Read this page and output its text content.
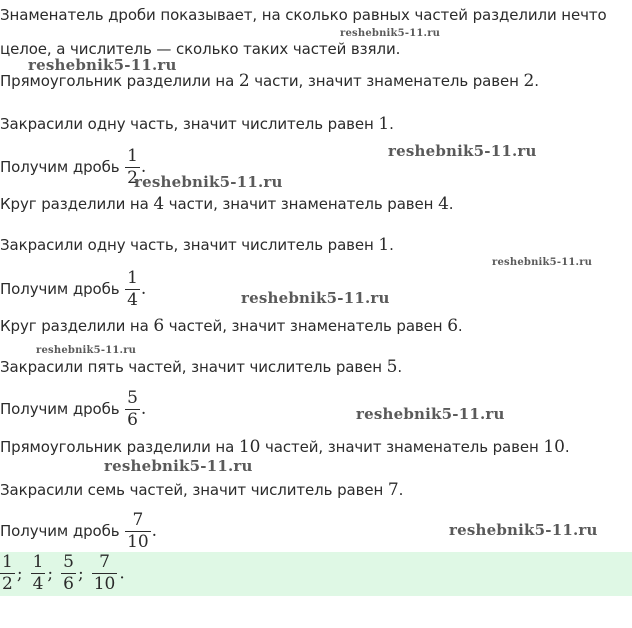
Знаменатель дроби показывает, на сколько равных частей разделили нечто
целое, а числитель — сколько таких частей взяли.
Прямоугольник разделили на 2 части, значит знаменатель равен 2.
Закрасили одну часть, значит числитель равен 1.
Получим дробь $\frac{1}{2}$ .
Круг разделили на 4 части, значит знаменатель равен 4.
Закрасили одну часть, значит числитель равен 1.
Получим дробь $\frac{1}{4}$ .
Круг разделили на 6 частей, значит знаменатель равен 6.
Закрасили пять частей, значит числитель равен 5.
Получим дробь $\frac{5}{6}$ .
Прямоугольник разделили на 10 частей, значит знаменатель равен 10.
Закрасили семь частей, значит числитель равен 7.
Получим дробь $\frac{7}{10}$ .
$\frac{1}{2}$ ; $\frac{1}{4}$ ; $\frac{5}{6}$ ; $\frac{7}{10}$ .
reshebnik5-11.ru
reshebnik5-11.ru
reshebnik5-11.ru
reshebnik5-11.ru
reshebnik5-11.ru
reshebnik5-11.ru
reshebnik5-11.ru
reshebnik5-11.ru
reshebnik5-11.ru
reshebnik5-11.ru
